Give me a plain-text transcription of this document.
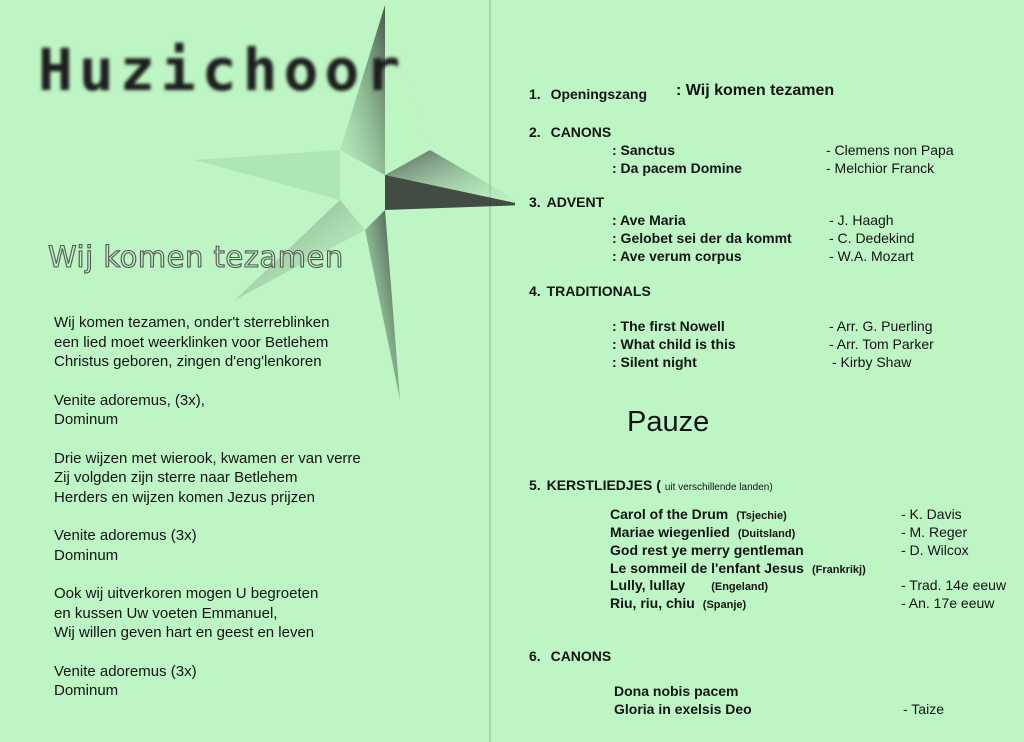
Huzichoor
Wij komen tezamen
Wij komen tezamen, onder't sterreblinken
een lied moet weerklinken voor Betlehem
Christus geboren, zingen d'eng'lenkoren
Venite adoremus, (3x),
Dominum
Drie wijzen met wierook, kwamen er van verre
Zij volgden zijn sterre naar Betlehem
Herders en wijzen komen Jezus prijzen
Venite adoremus (3x)
Dominum
Ook wij uitverkoren mogen U begroeten
en kussen Uw voeten Emmanuel,
Wij willen geven hart en geest en leven
Venite adoremus (3x)
Dominum
1. Openingszang : Wij komen tezamen
2. CANONS
: Sanctus	- Clemens non Papa
: Da pacem Domine	- Melchior Franck
3. ADVENT
: Ave Maria	- J. Haagh
: Gelobet sei der da kommt	- C. Dedekind
: Ave verum corpus	- W.A. Mozart
4. TRADITIONALS
: The first Nowell	- Arr. G. Puerling
: What child is this	- Arr. Tom Parker
: Silent night	- Kirby Shaw
Pauze
5. KERSTLIEDJES ( uit verschillende landen)
Carol of the Drum (Tsjechie)	- K. Davis
Mariae wiegenlied (Duitsland)	- M. Reger
God rest ye merry gentleman	- D. Wilcox
Le sommeil de l'enfant Jesus (Frankrikj)
Lully, lullay (Engeland)	- Trad. 14e eeuw
Riu, riu, chiu (Spanje)	- An. 17e eeuw
6. CANONS
Dona nobis pacem
Gloria in exelsis Deo	- Taize
